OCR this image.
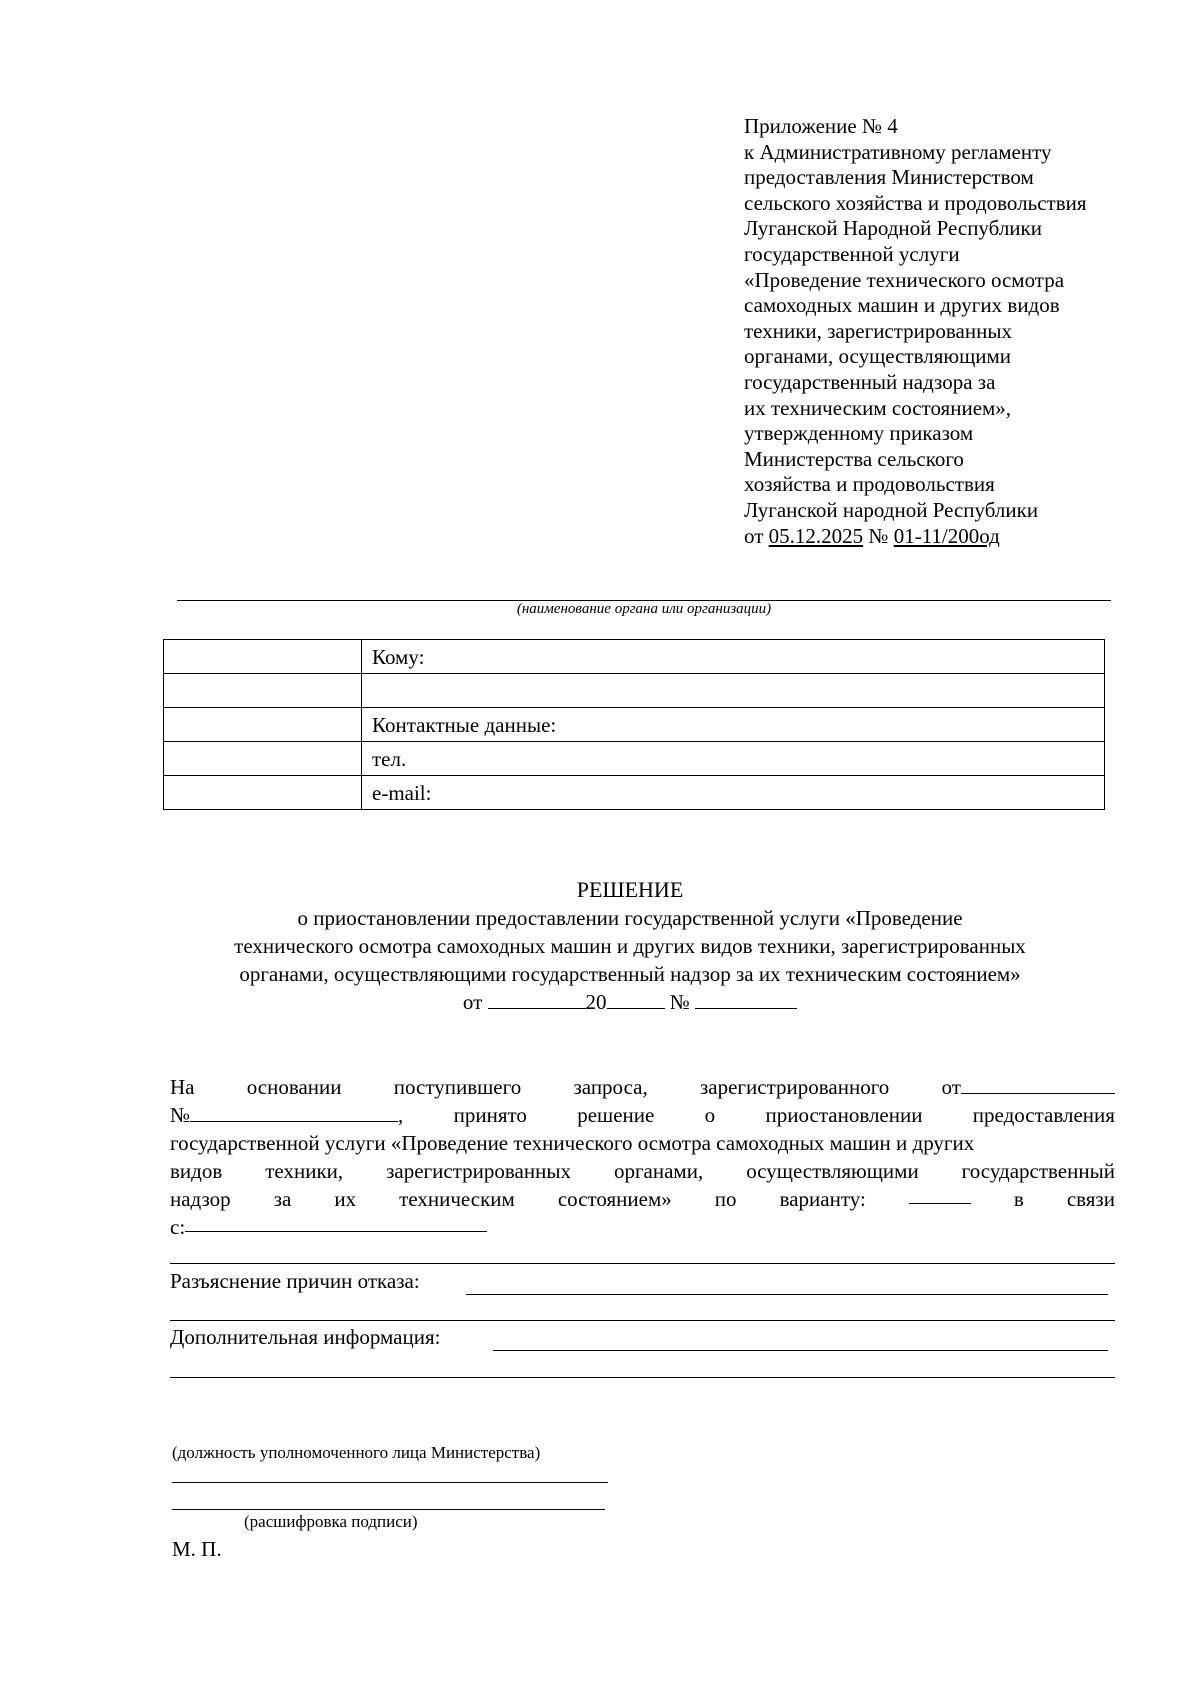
Приложение № 4
к Административному регламенту
предоставления Министерством
сельского хозяйства и продовольствия
Луганской Народной Республики
государственной услуги
«Проведение технического осмотра
самоходных машин и других видов
техники, зарегистрированных
органами, осуществляющими
государственный надзора за
их техническим состоянием»,
утвержденному приказом
Министерства сельского
хозяйства и продовольствия
Луганской народной Республики
от 05.12.2025 № 01-11/200од
(наименование органа или организации)
	Кому:

	Контактные данные:
	тел.
	e-mail:
РЕШЕНИЕ
о приостановлении предоставлении государственной услуги «Проведение
технического осмотра самоходных машин и других видов техники, зарегистрированных
органами, осуществляющими государственный надзор за их техническим состоянием»
от	20	№
На основании поступившего запроса, зарегистрированного от
№	, принято решение о приостановлении предоставления
государственной услуги «Проведение технического осмотра самоходных машин и других
видов техники, зарегистрированных органами, осуществляющими государственный
надзор за их техническим состоянием» по варианту:	в связи
с:
Разъяснение причин отказа:
Дополнительная информация:
(должность уполномоченного лица Министерства)
(расшифровка подписи)
М. П.
